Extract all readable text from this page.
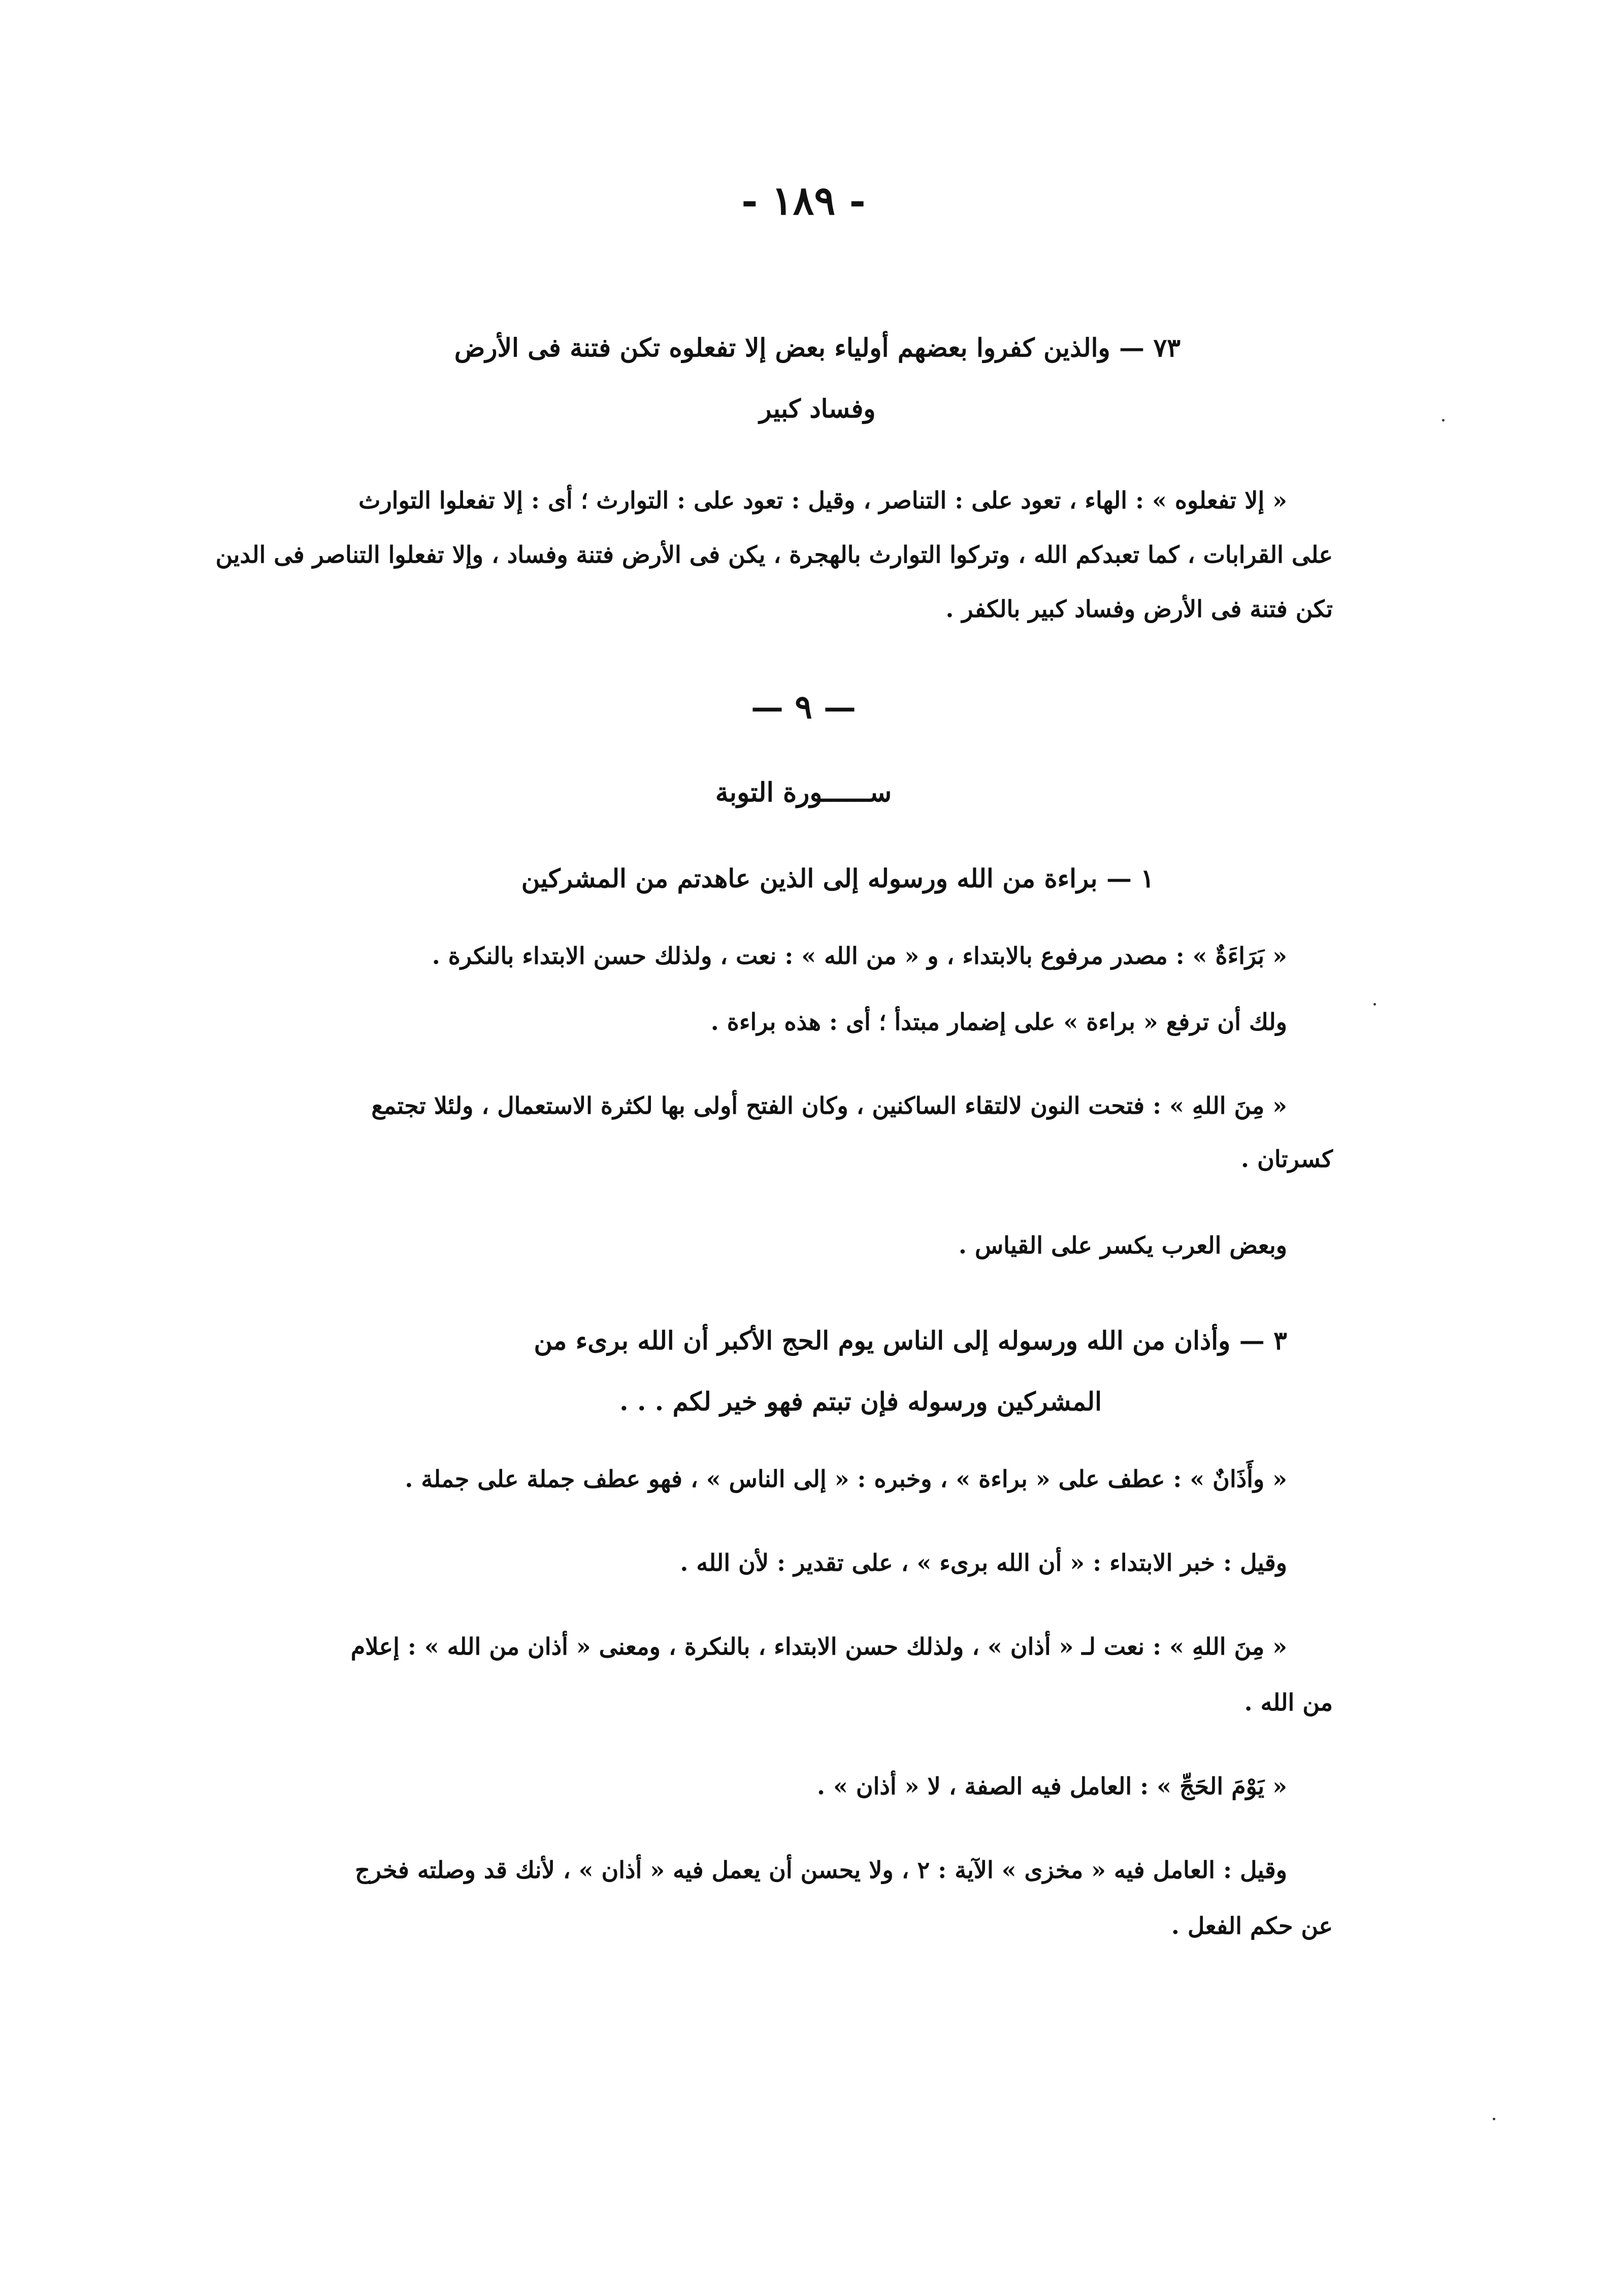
- ١٨٩ -
٧٣ — والذين كفروا بعضهم أولياء بعض إلا تفعلوه تكن فتنة فى الأرض
وفساد كبير
« إلا تفعلوه » : الهاء ، تعود على : التناصر ، وقيل : تعود على : التوارث ؛ أى : إلا تفعلوا التوارث
على القرابات ، كما تعبدكم الله ، وتركوا التوارث بالهجرة ، يكن فى الأرض فتنة وفساد ، وإلا تفعلوا التناصر فى الدين
تكن فتنة فى الأرض وفساد كبير بالكفر .
— ٩ —
ســــــورة التوبة
١ — براءة من الله ورسوله إلى الذين عاهدتم من المشركين
« بَرَاءَةٌ » : مصدر مرفوع بالابتداء ، و « من الله » : نعت ، ولذلك حسن الابتداء بالنكرة .
ولك أن ترفع « براءة » على إضمار مبتدأ ؛ أى : هذه براءة .
« مِنَ اللهِ » : فتحت النون لالتقاء الساكنين ، وكان الفتح أولى بها لكثرة الاستعمال ، ولئلا تجتمع
كسرتان .
وبعض العرب يكسر على القياس .
٣ — وأذان من الله ورسوله إلى الناس يوم الحج الأكبر أن الله برىء من
المشركين ورسوله فإن تبتم فهو خير لكم . . .
« وأَذَانٌ » : عطف على « براءة » ، وخبره : « إلى الناس » ، فهو عطف جملة على جملة .
وقيل : خبر الابتداء : « أن الله برىء » ، على تقدير : لأن الله .
« مِنَ اللهِ » : نعت لـ « أذان » ، ولذلك حسن الابتداء ، بالنكرة ، ومعنى « أذان من الله » : إعلام
من الله .
« يَوْمَ الحَجِّ » : العامل فيه الصفة ، لا « أذان » .
وقيل : العامل فيه « مخزى » الآية : ٢ ، ولا يحسن أن يعمل فيه « أذان » ، لأنك قد وصلته فخرج
عن حكم الفعل .
